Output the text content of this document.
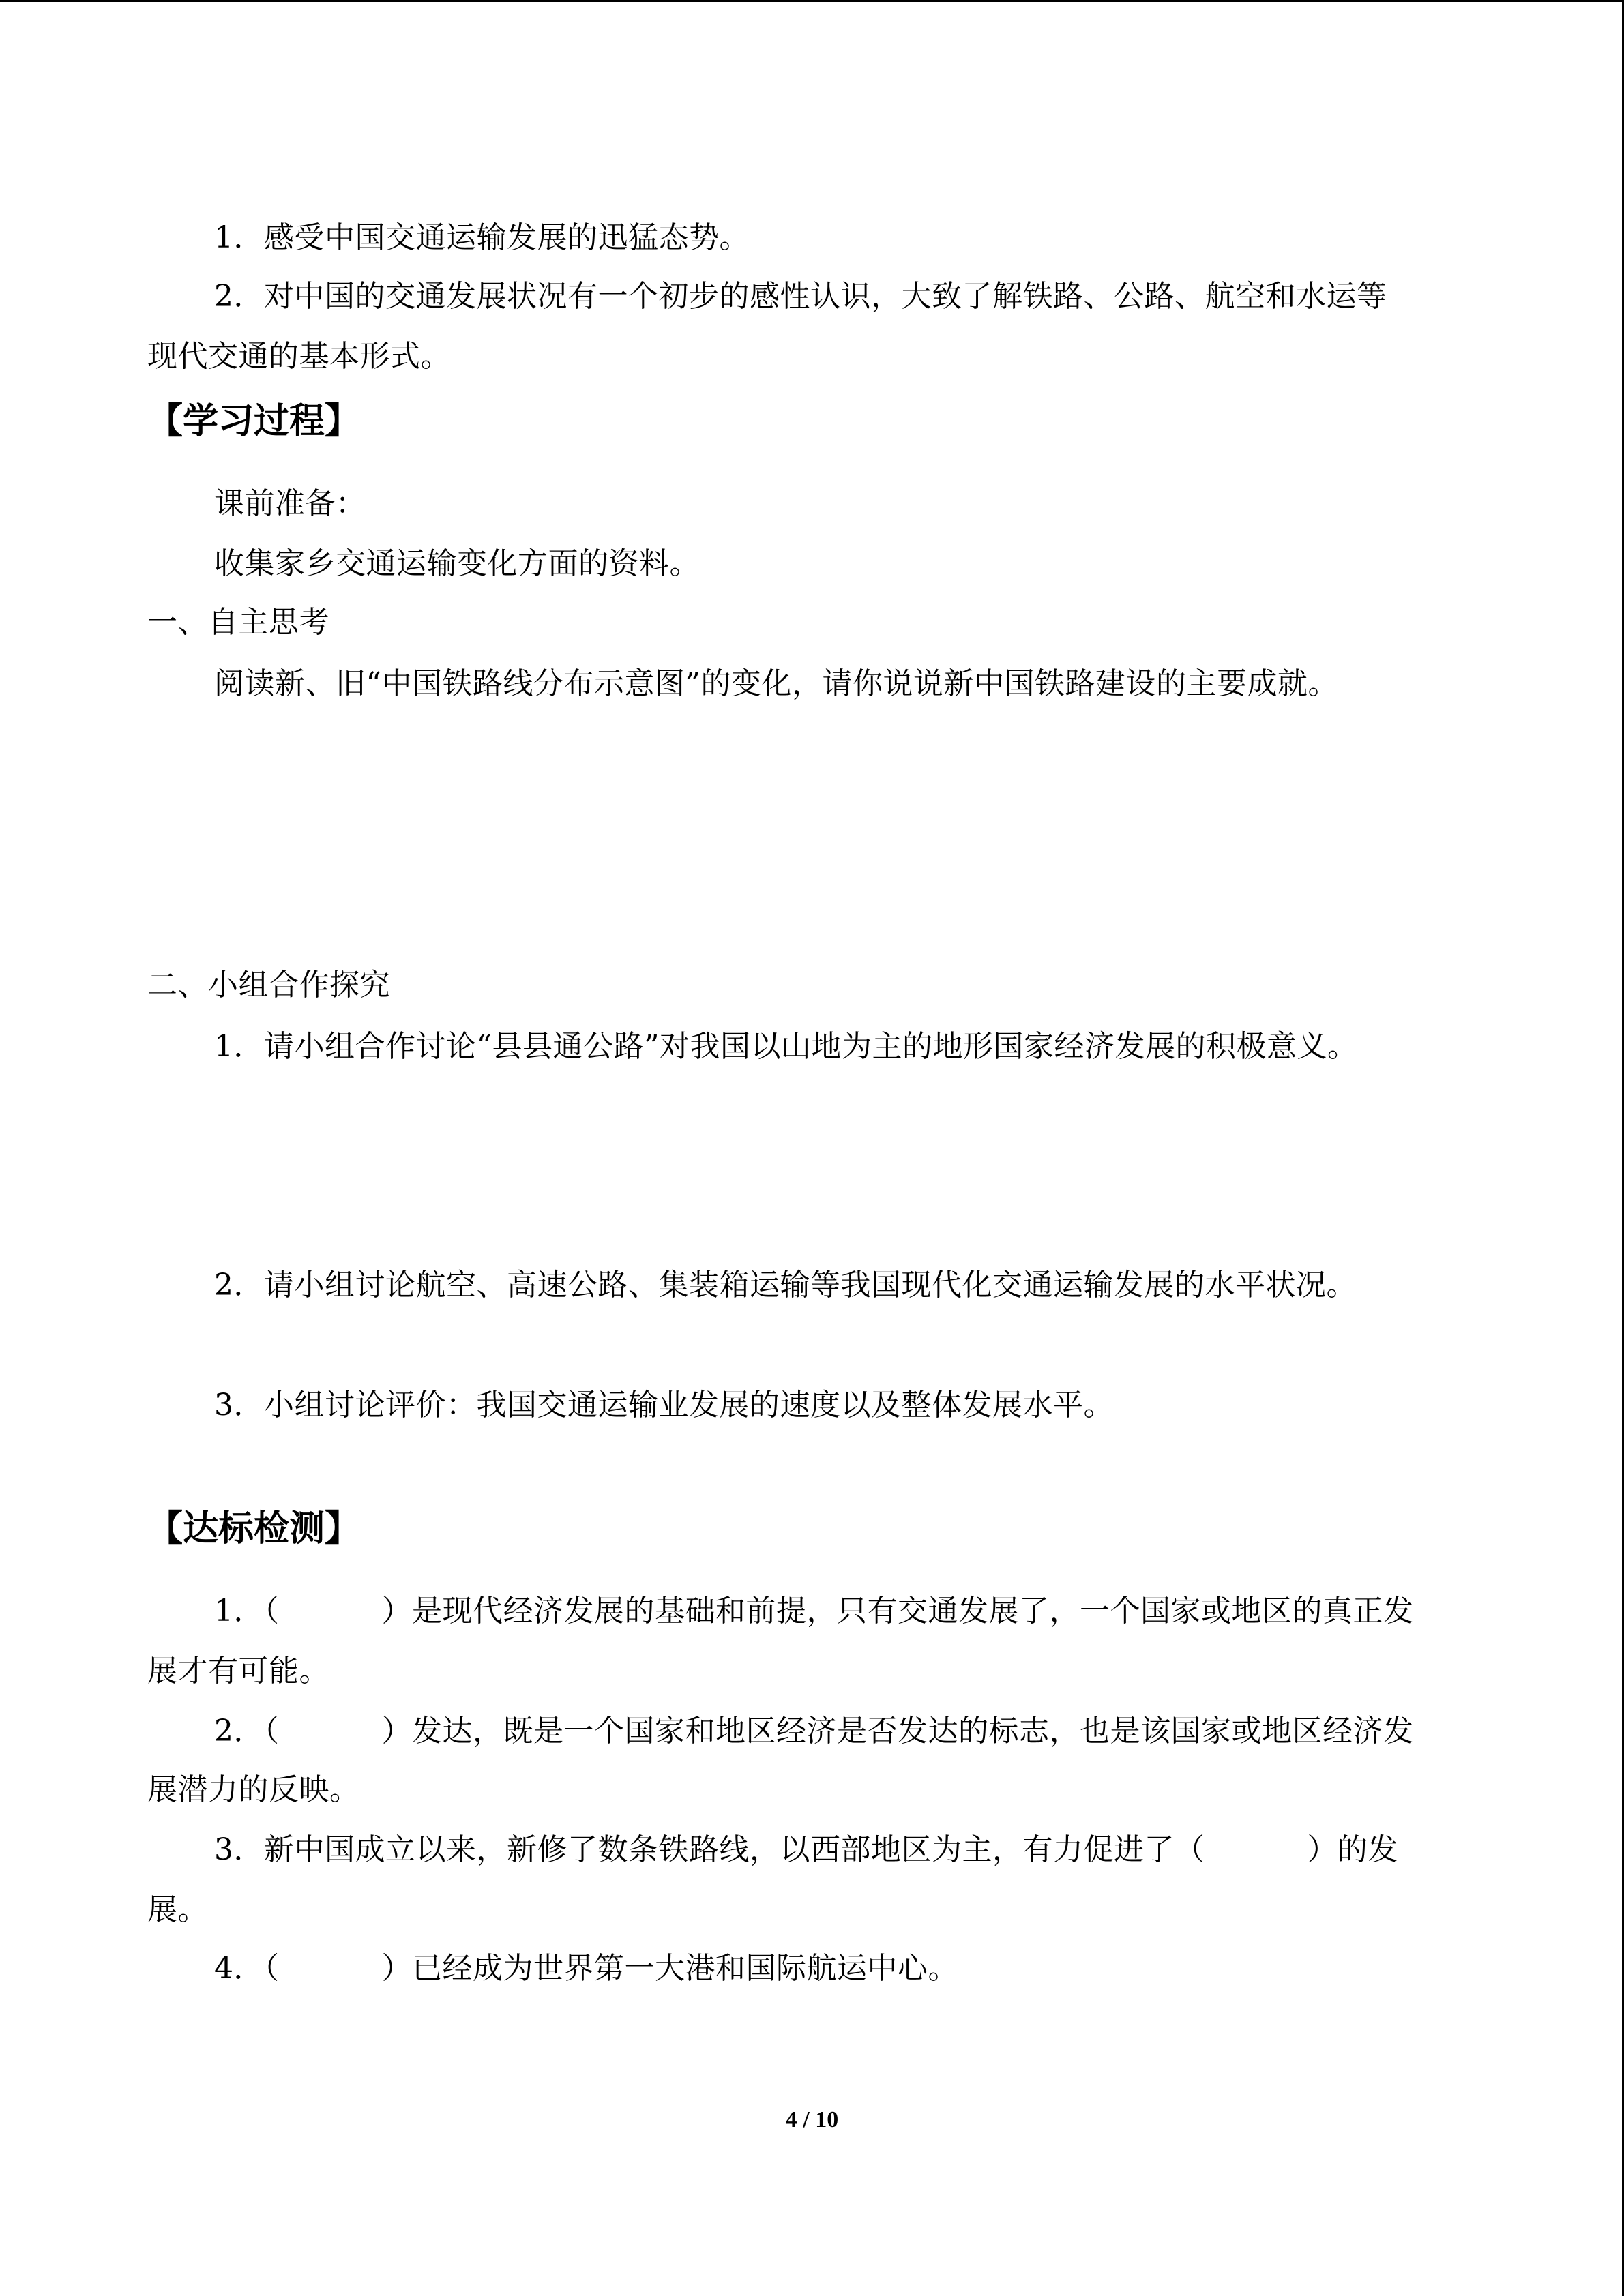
1．感受中国交通运输发展的迅猛态势。
2．对中国的交通发展状况有一个初步的感性认识，大致了解铁路、公路、航空和水运等
现代交通的基本形式。
【学习过程】
课前准备：
收集家乡交通运输变化方面的资料。
一、自主思考
阅读新、旧“中国铁路线分布示意图”的变化，请你说说新中国铁路建设的主要成就。
二、小组合作探究
1．请小组合作讨论“县县通公路”对我国以山地为主的地形国家经济发展的积极意义。
2．请小组讨论航空、高速公路、集装箱运输等我国现代化交通运输发展的水平状况。
3．小组讨论评价：我国交通运输业发展的速度以及整体发展水平。
【达标检测】
1．（	）是现代经济发展的基础和前提，只有交通发展了，一个国家或地区的真正发
展才有可能。
2．（	）发达，既是一个国家和地区经济是否发达的标志，也是该国家或地区经济发
展潜力的反映。
3．新中国成立以来，新修了数条铁路线，以西部地区为主，有力促进了（	）的发
展。
4．（	）已经成为世界第一大港和国际航运中心。
4 / 10
